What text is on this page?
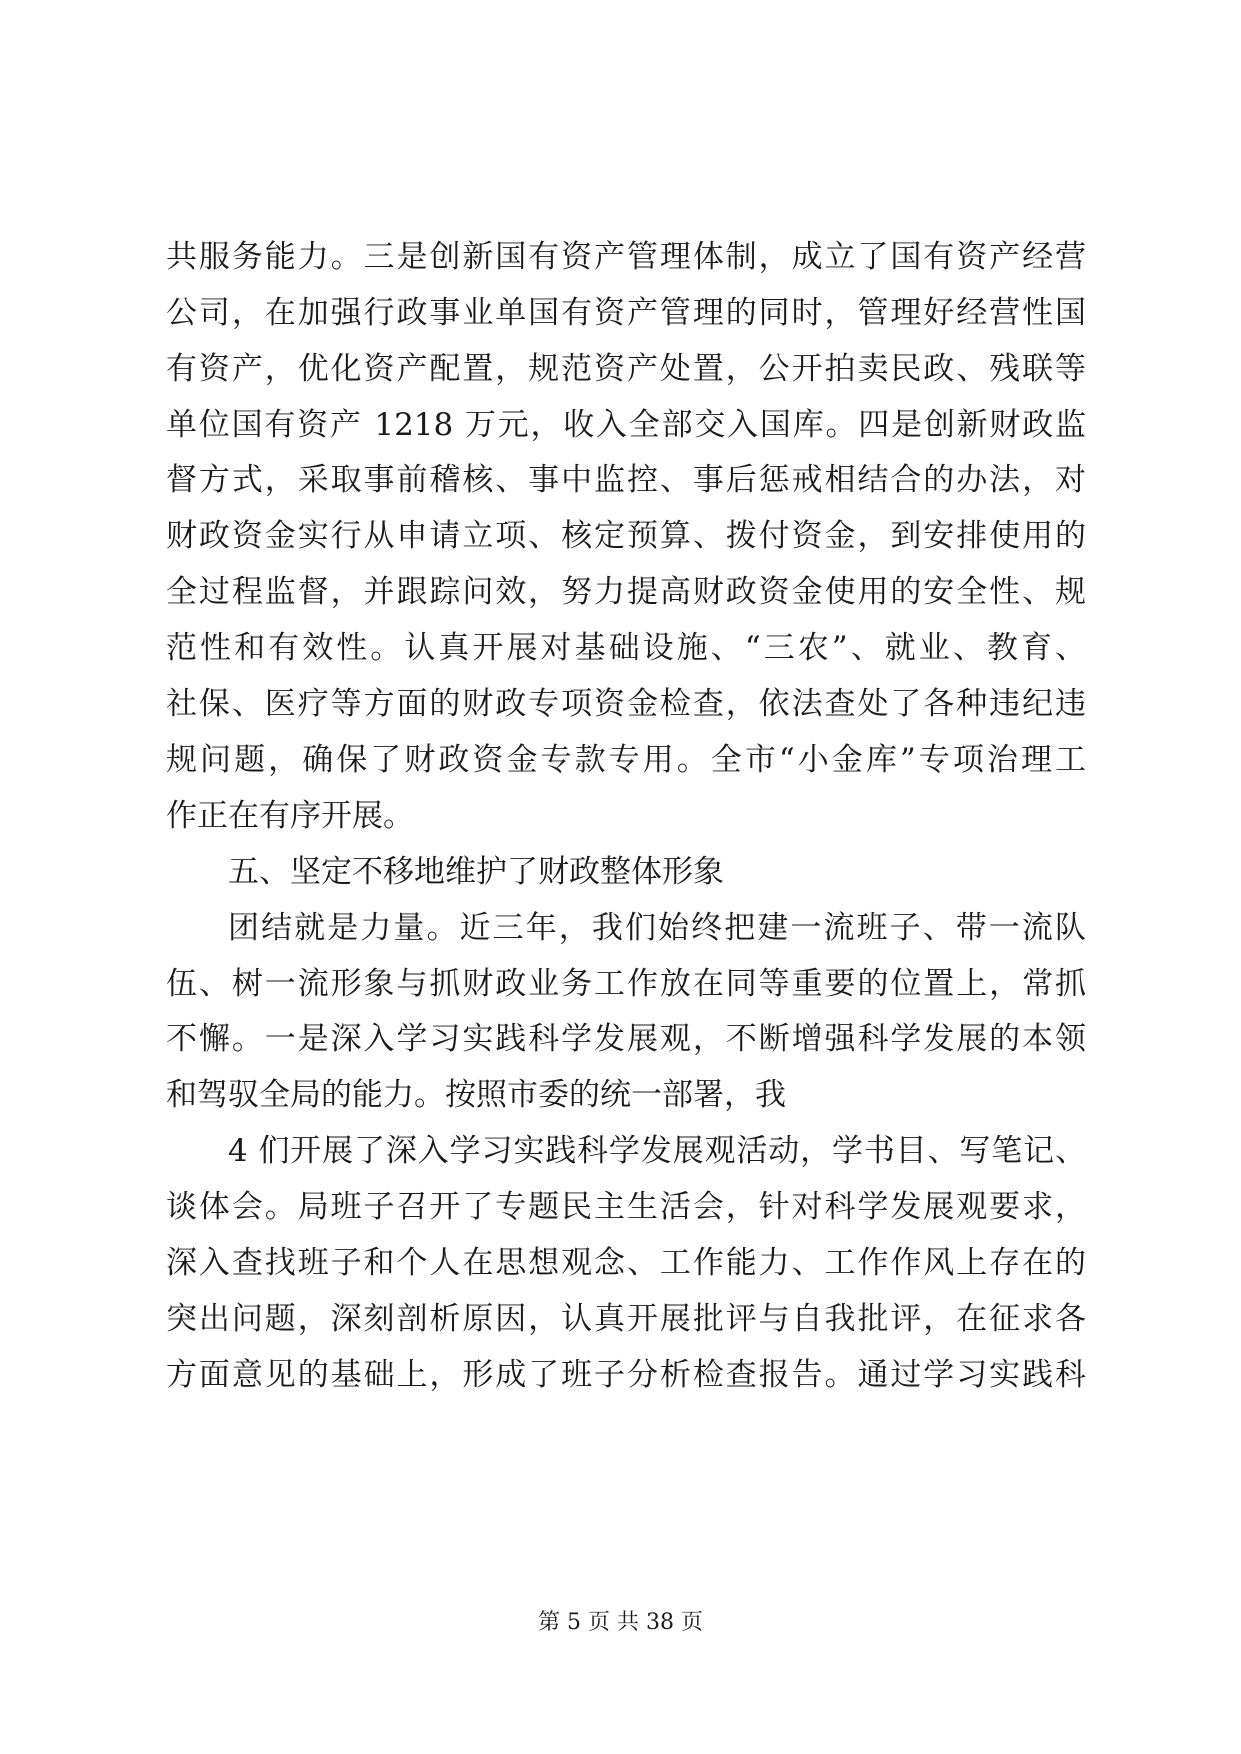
共服务能力。三是创新国有资产管理体制，成立了国有资产经营
公司，在加强行政事业单国有资产管理的同时，管理好经营性国
有资产，优化资产配置，规范资产处置，公开拍卖民政、残联等
单位国有资产 1218 万元，收入全部交入国库。四是创新财政监
督方式，采取事前稽核、事中监控、事后惩戒相结合的办法，对
财政资金实行从申请立项、核定预算、拨付资金，到安排使用的
全过程监督，并跟踪问效，努力提高财政资金使用的安全性、规
范性和有效性。认真开展对基础设施、“三农”、就业、教育、
社保、医疗等方面的财政专项资金检查，依法查处了各种违纪违
规问题，确保了财政资金专款专用。全市“小金库”专项治理工
作正在有序开展。
五、坚定不移地维护了财政整体形象
团结就是力量。近三年，我们始终把建一流班子、带一流队
伍、树一流形象与抓财政业务工作放在同等重要的位置上，常抓
不懈。一是深入学习实践科学发展观，不断增强科学发展的本领
和驾驭全局的能力。按照市委的统一部署，我
4 们开展了深入学习实践科学发展观活动，学书目、写笔记、
谈体会。局班子召开了专题民主生活会，针对科学发展观要求，
深入查找班子和个人在思想观念、工作能力、工作作风上存在的
突出问题，深刻剖析原因，认真开展批评与自我批评，在征求各
方面意见的基础上，形成了班子分析检查报告。通过学习实践科
第 5 页 共 38 页
